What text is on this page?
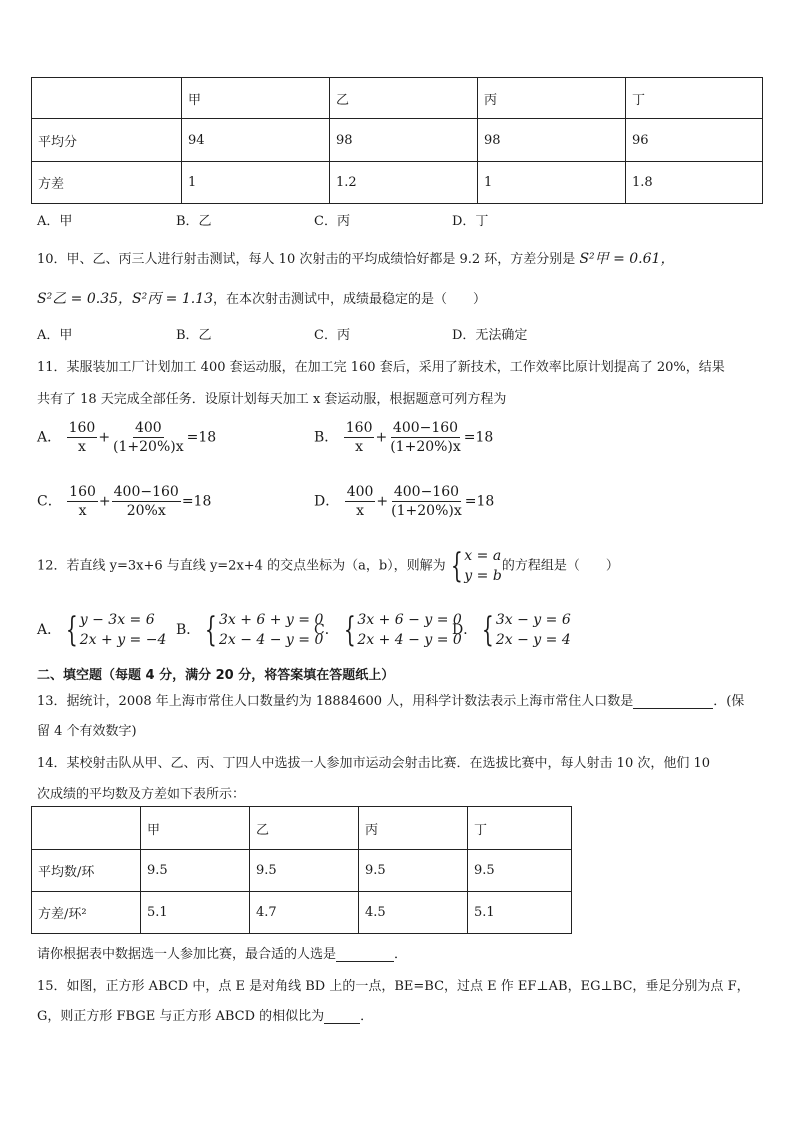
	甲	乙	丙	丁
平均分	94	98	98	96
方差	1	1.2	1	1.8
A．甲	B．乙	C．丙	D．丁
10．甲、乙、丙三人进行射击测试，每人 10 次射击的平均成绩恰好都是 9.2 环，方差分别是 S²甲 = 0.61，
S²乙 = 0.35，S²丙 = 1.13，在本次射击测试中，成绩最稳定的是（　　）
A．甲	B．乙	C．丙	D．无法确定
11．某服装加工厂计划加工 400 套运动服，在加工完 160 套后，采用了新技术，工作效率比原计划提高了 20%，结果
共有了 18 天完成全部任务．设原计划每天加工 x 套运动服，根据题意可列方程为
A． $\frac{160}{x} + \frac{400}{(1+20\%)x} =18$	B． $\frac{160}{x} + \frac{400-160}{(1+20\%)x} =18$
C． $\frac{160}{x} + \frac{400-160}{20\%x} =18$	D． $\frac{400}{x} + \frac{400-160}{(1+20\%)x} =18$
12．若直线 y=3x+6 与直线 y=2x+4 的交点坐标为（a，b），则解为 { x = a
y = b
的方程组是（　　）
A． { y − 3x = 6
2x + y = −4
B． { 3x + 6 + y = 0
2x − 4 − y = 0
C． { 3x + 6 − y = 0
2x + 4 − y = 0
D． { 3x − y = 6
2x − y = 4
二、填空题（每题 4 分，满分 20 分，将答案填在答题纸上）
13．据统计，2008 年上海市常住人口数量约为 18884600 人，用科学计数法表示上海市常住人口数是	．(保
留 4 个有效数字)
14．某校射击队从甲、乙、丙、丁四人中选拔一人参加市运动会射击比赛．在选拔比赛中，每人射击 10 次，他们 10
次成绩的平均数及方差如下表所示：
	甲	乙	丙	丁
平均数/环	9.5	9.5	9.5	9.5
方差/环²	5.1	4.7	4.5	5.1
请你根据表中数据选一人参加比赛，最合适的人选是	．
15．如图，正方形 ABCD 中，点 E 是对角线 BD 上的一点，BE=BC，过点 E 作 EF⊥AB，EG⊥BC，垂足分别为点 F，
G，则正方形 FBGE 与正方形 ABCD 的相似比为	．
